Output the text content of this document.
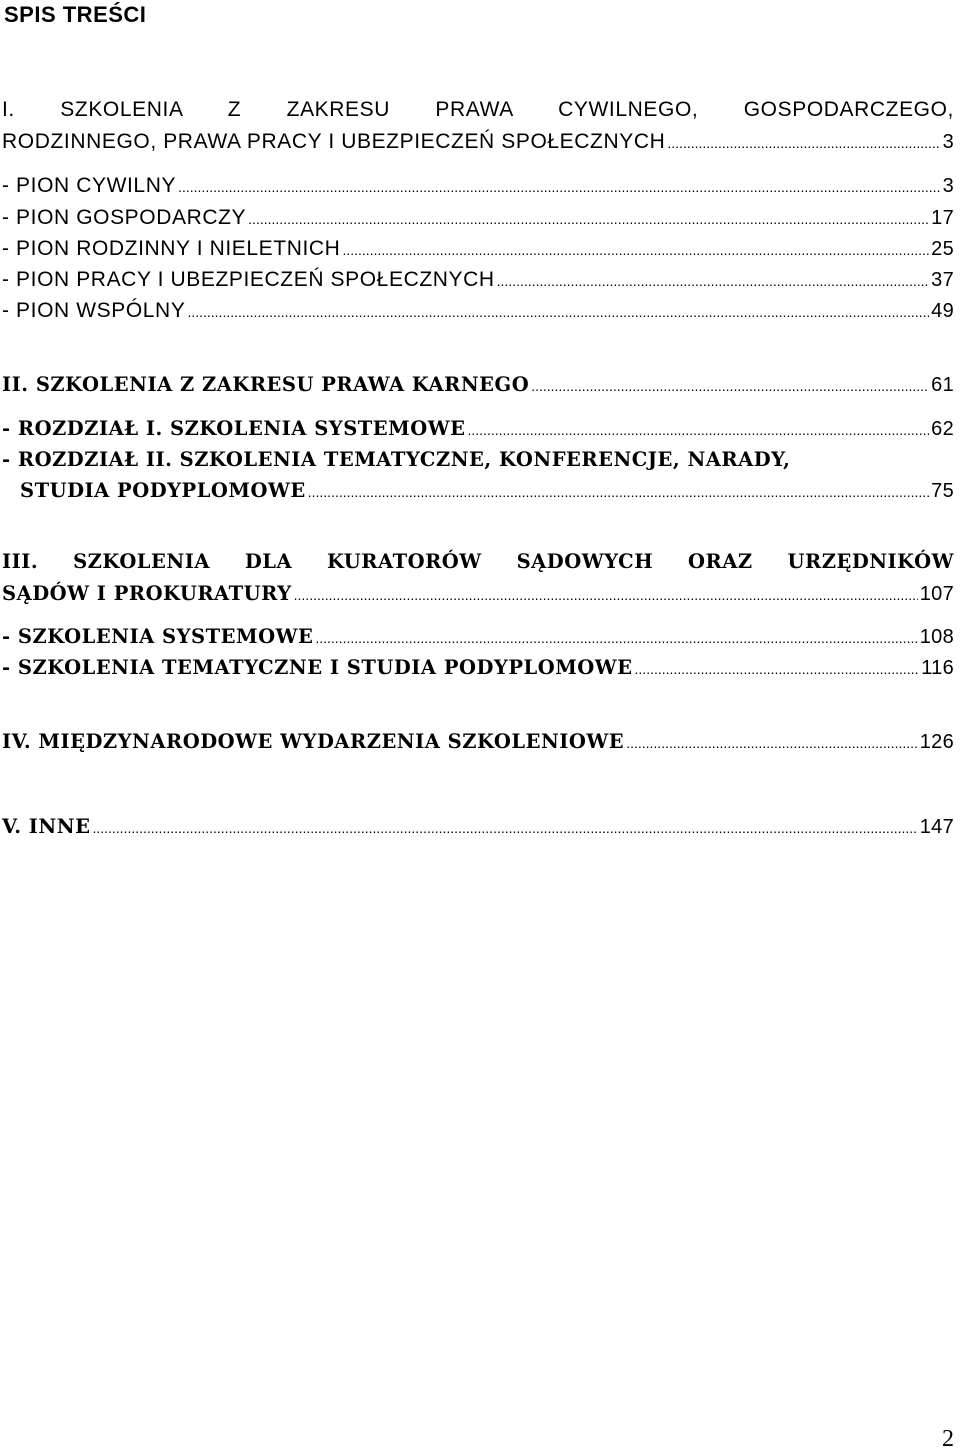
SPIS TREŚCI
I. SZKOLENIA Z ZAKRESU PRAWA CYWILNEGO, GOSPODARCZEGO,
RODZINNEGO, PRAWA PRACY I UBEZPIECZEŃ SPOŁECZNYCH .....	3
- PION CYWILNY .....	3
- PION GOSPODARCZY .....	17
- PION RODZINNY I NIELETNICH .....	25
- PION PRACY I UBEZPIECZEŃ SPOŁECZNYCH .....	37
- PION WSPÓLNY .....	49
II. SZKOLENIA Z ZAKRESU PRAWA KARNEGO .....	61
- ROZDZIAŁ I. SZKOLENIA SYSTEMOWE .....	62
- ROZDZIAŁ II. SZKOLENIA TEMATYCZNE, KONFERENCJE, NARADY,
STUDIA PODYPLOMOWE .....	75
III. SZKOLENIA DLA KURATORÓW SĄDOWYCH ORAZ URZĘDNIKÓW
SĄDÓW I PROKURATURY .....	107
- SZKOLENIA SYSTEMOWE .....	108
- SZKOLENIA TEMATYCZNE I STUDIA PODYPLOMOWE .....	116
IV. MIĘDZYNARODOWE WYDARZENIA SZKOLENIOWE .....	126
V. INNE .....	147
2
